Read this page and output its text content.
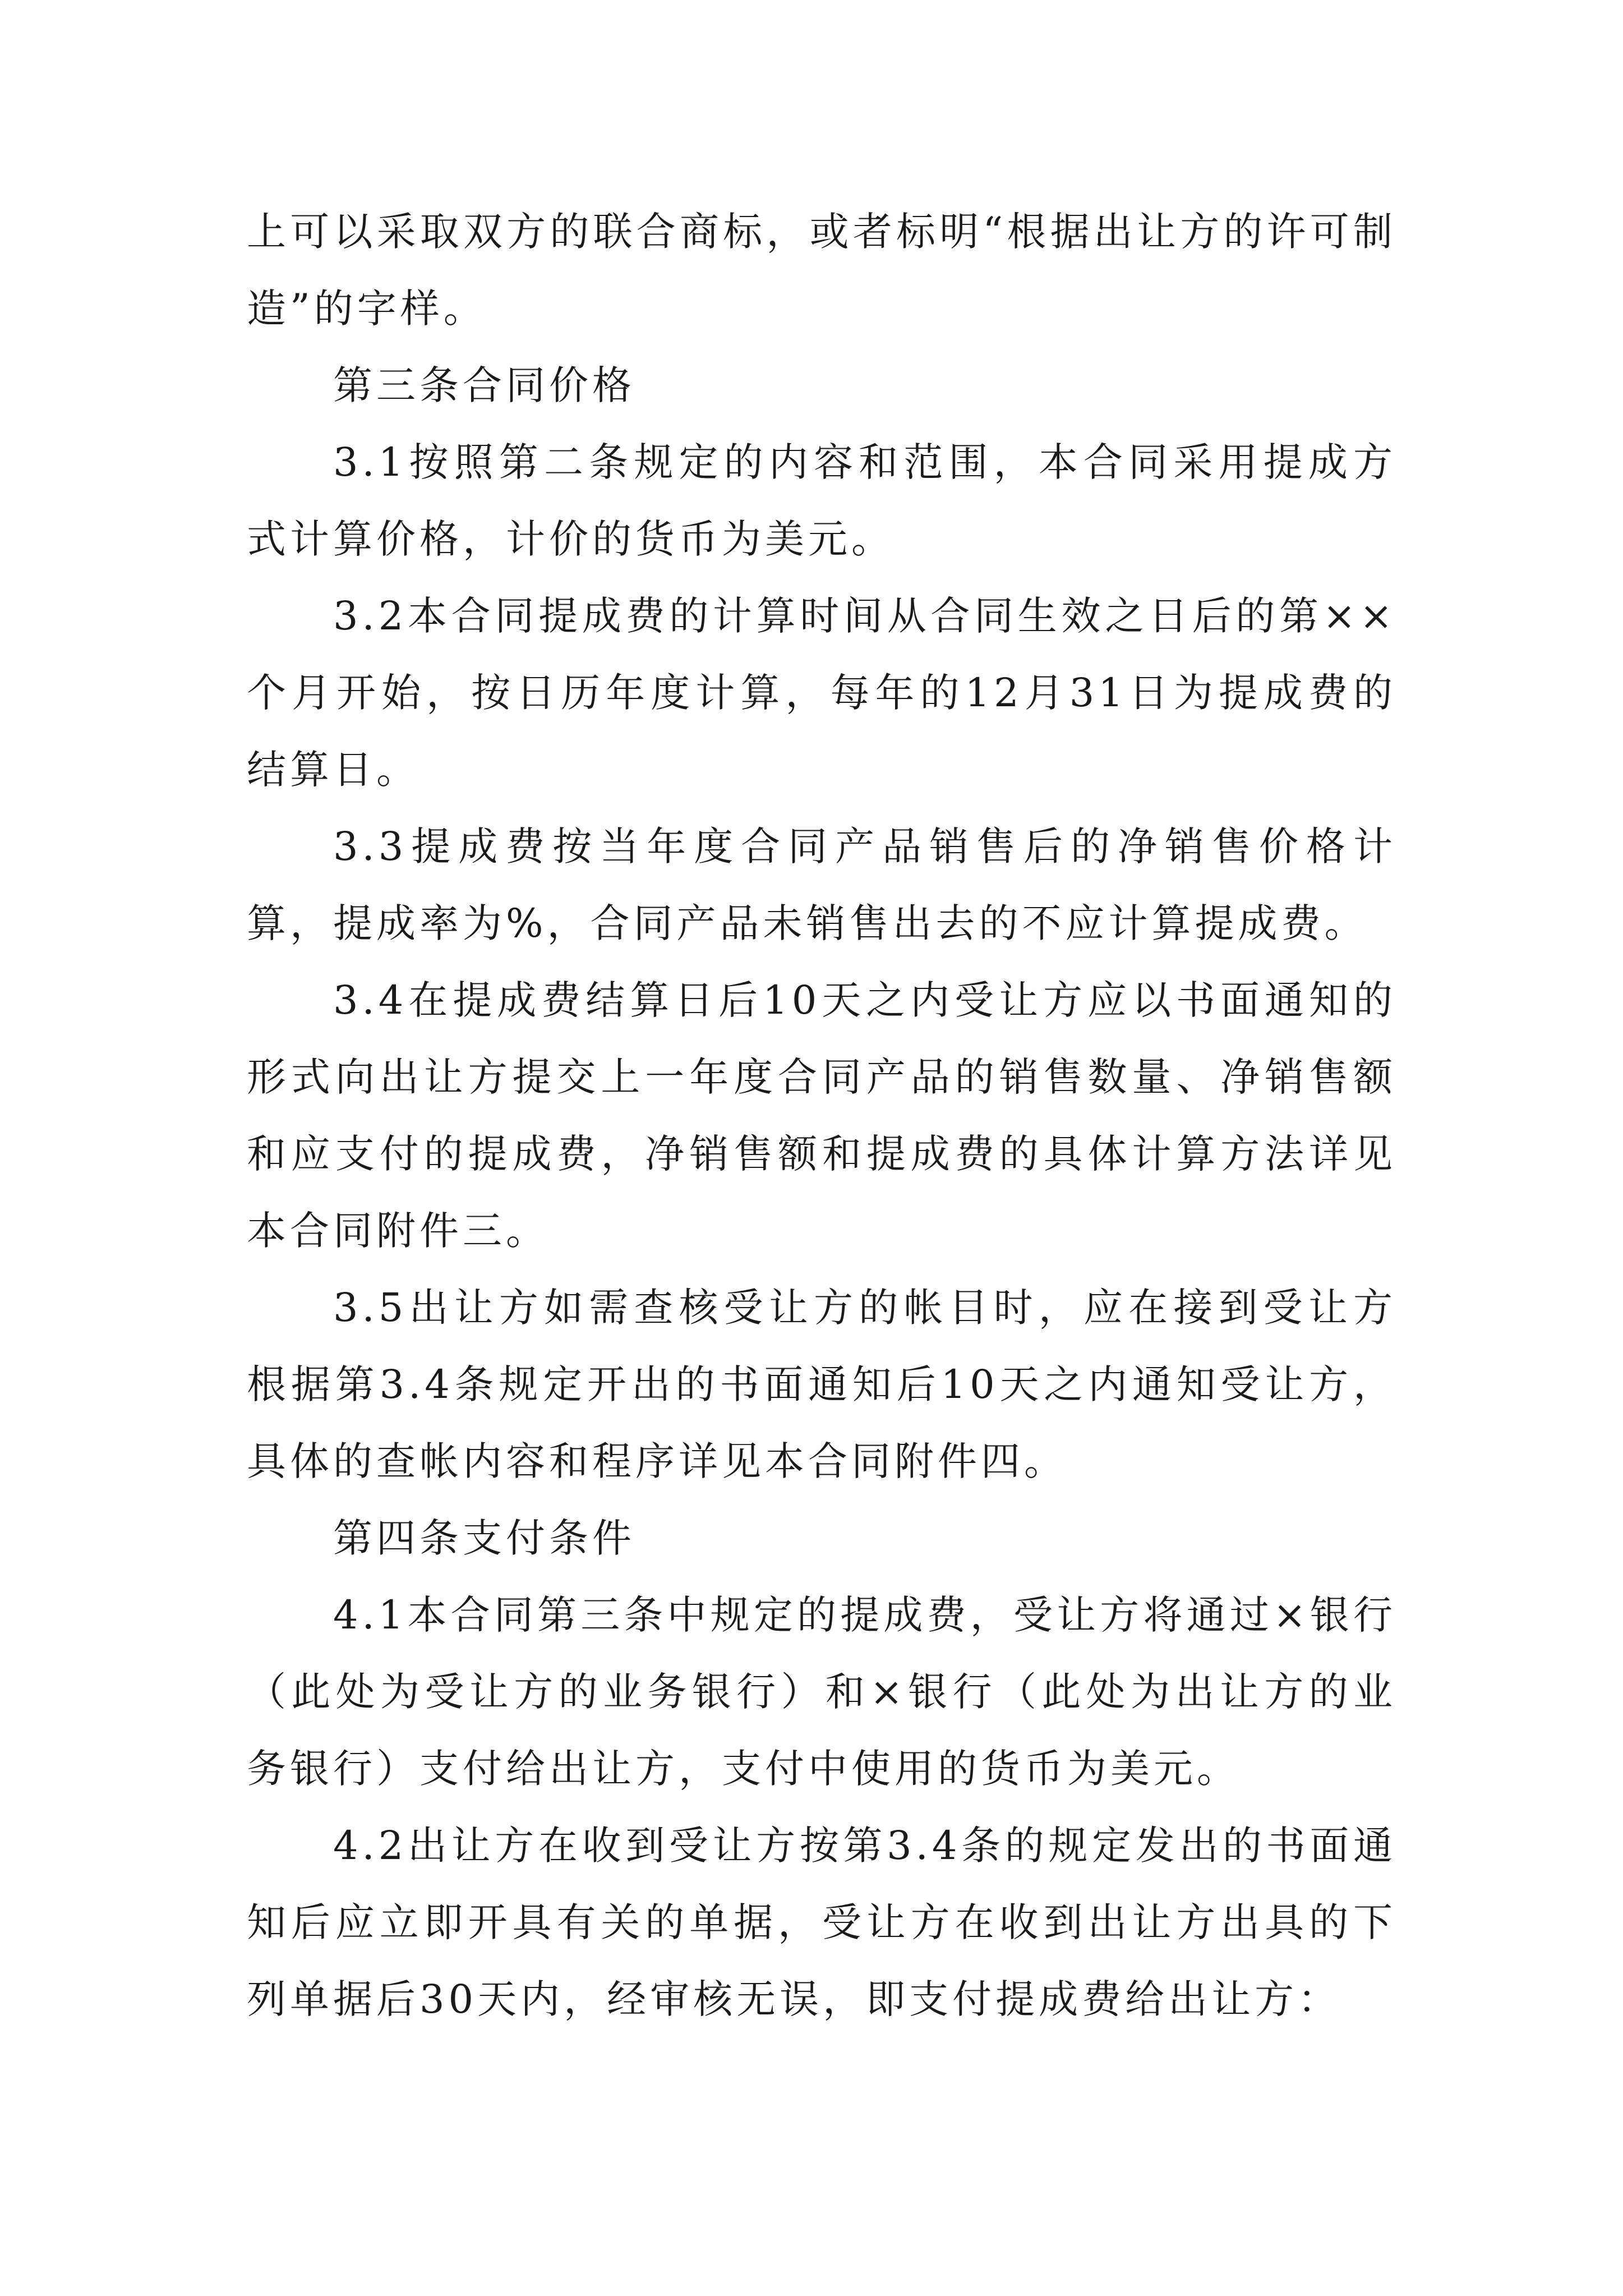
上可以采取双方的联合商标，或者标明“根据出让方的许可制造”的字样。

第三条合同价格

3.1按照第二条规定的内容和范围，本合同采用提成方式计算价格，计价的货币为美元。

3.2本合同提成费的计算时间从合同生效之日后的第××个月开始，按日历年度计算，每年的12月31日为提成费的结算日。

3.3提成费按当年度合同产品销售后的净销售价格计算，提成率为%，合同产品未销售出去的不应计算提成费。

3.4在提成费结算日后10天之内受让方应以书面通知的形式向出让方提交上一年度合同产品的销售数量、净销售额和应支付的提成费，净销售额和提成费的具体计算方法详见本合同附件三。

3.5出让方如需查核受让方的帐目时，应在接到受让方根据第3.4条规定开出的书面通知后10天之内通知受让方，具体的查帐内容和程序详见本合同附件四。

第四条支付条件

4.1本合同第三条中规定的提成费，受让方将通过×银行（此处为受让方的业务银行）和×银行（此处为出让方的业务银行）支付给出让方，支付中使用的货币为美元。

4.2出让方在收到受让方按第3.4条的规定发出的书面通知后应立即开具有关的单据，受让方在收到出让方出具的下列单据后30天内，经审核无误，即支付提成费给出让方：
